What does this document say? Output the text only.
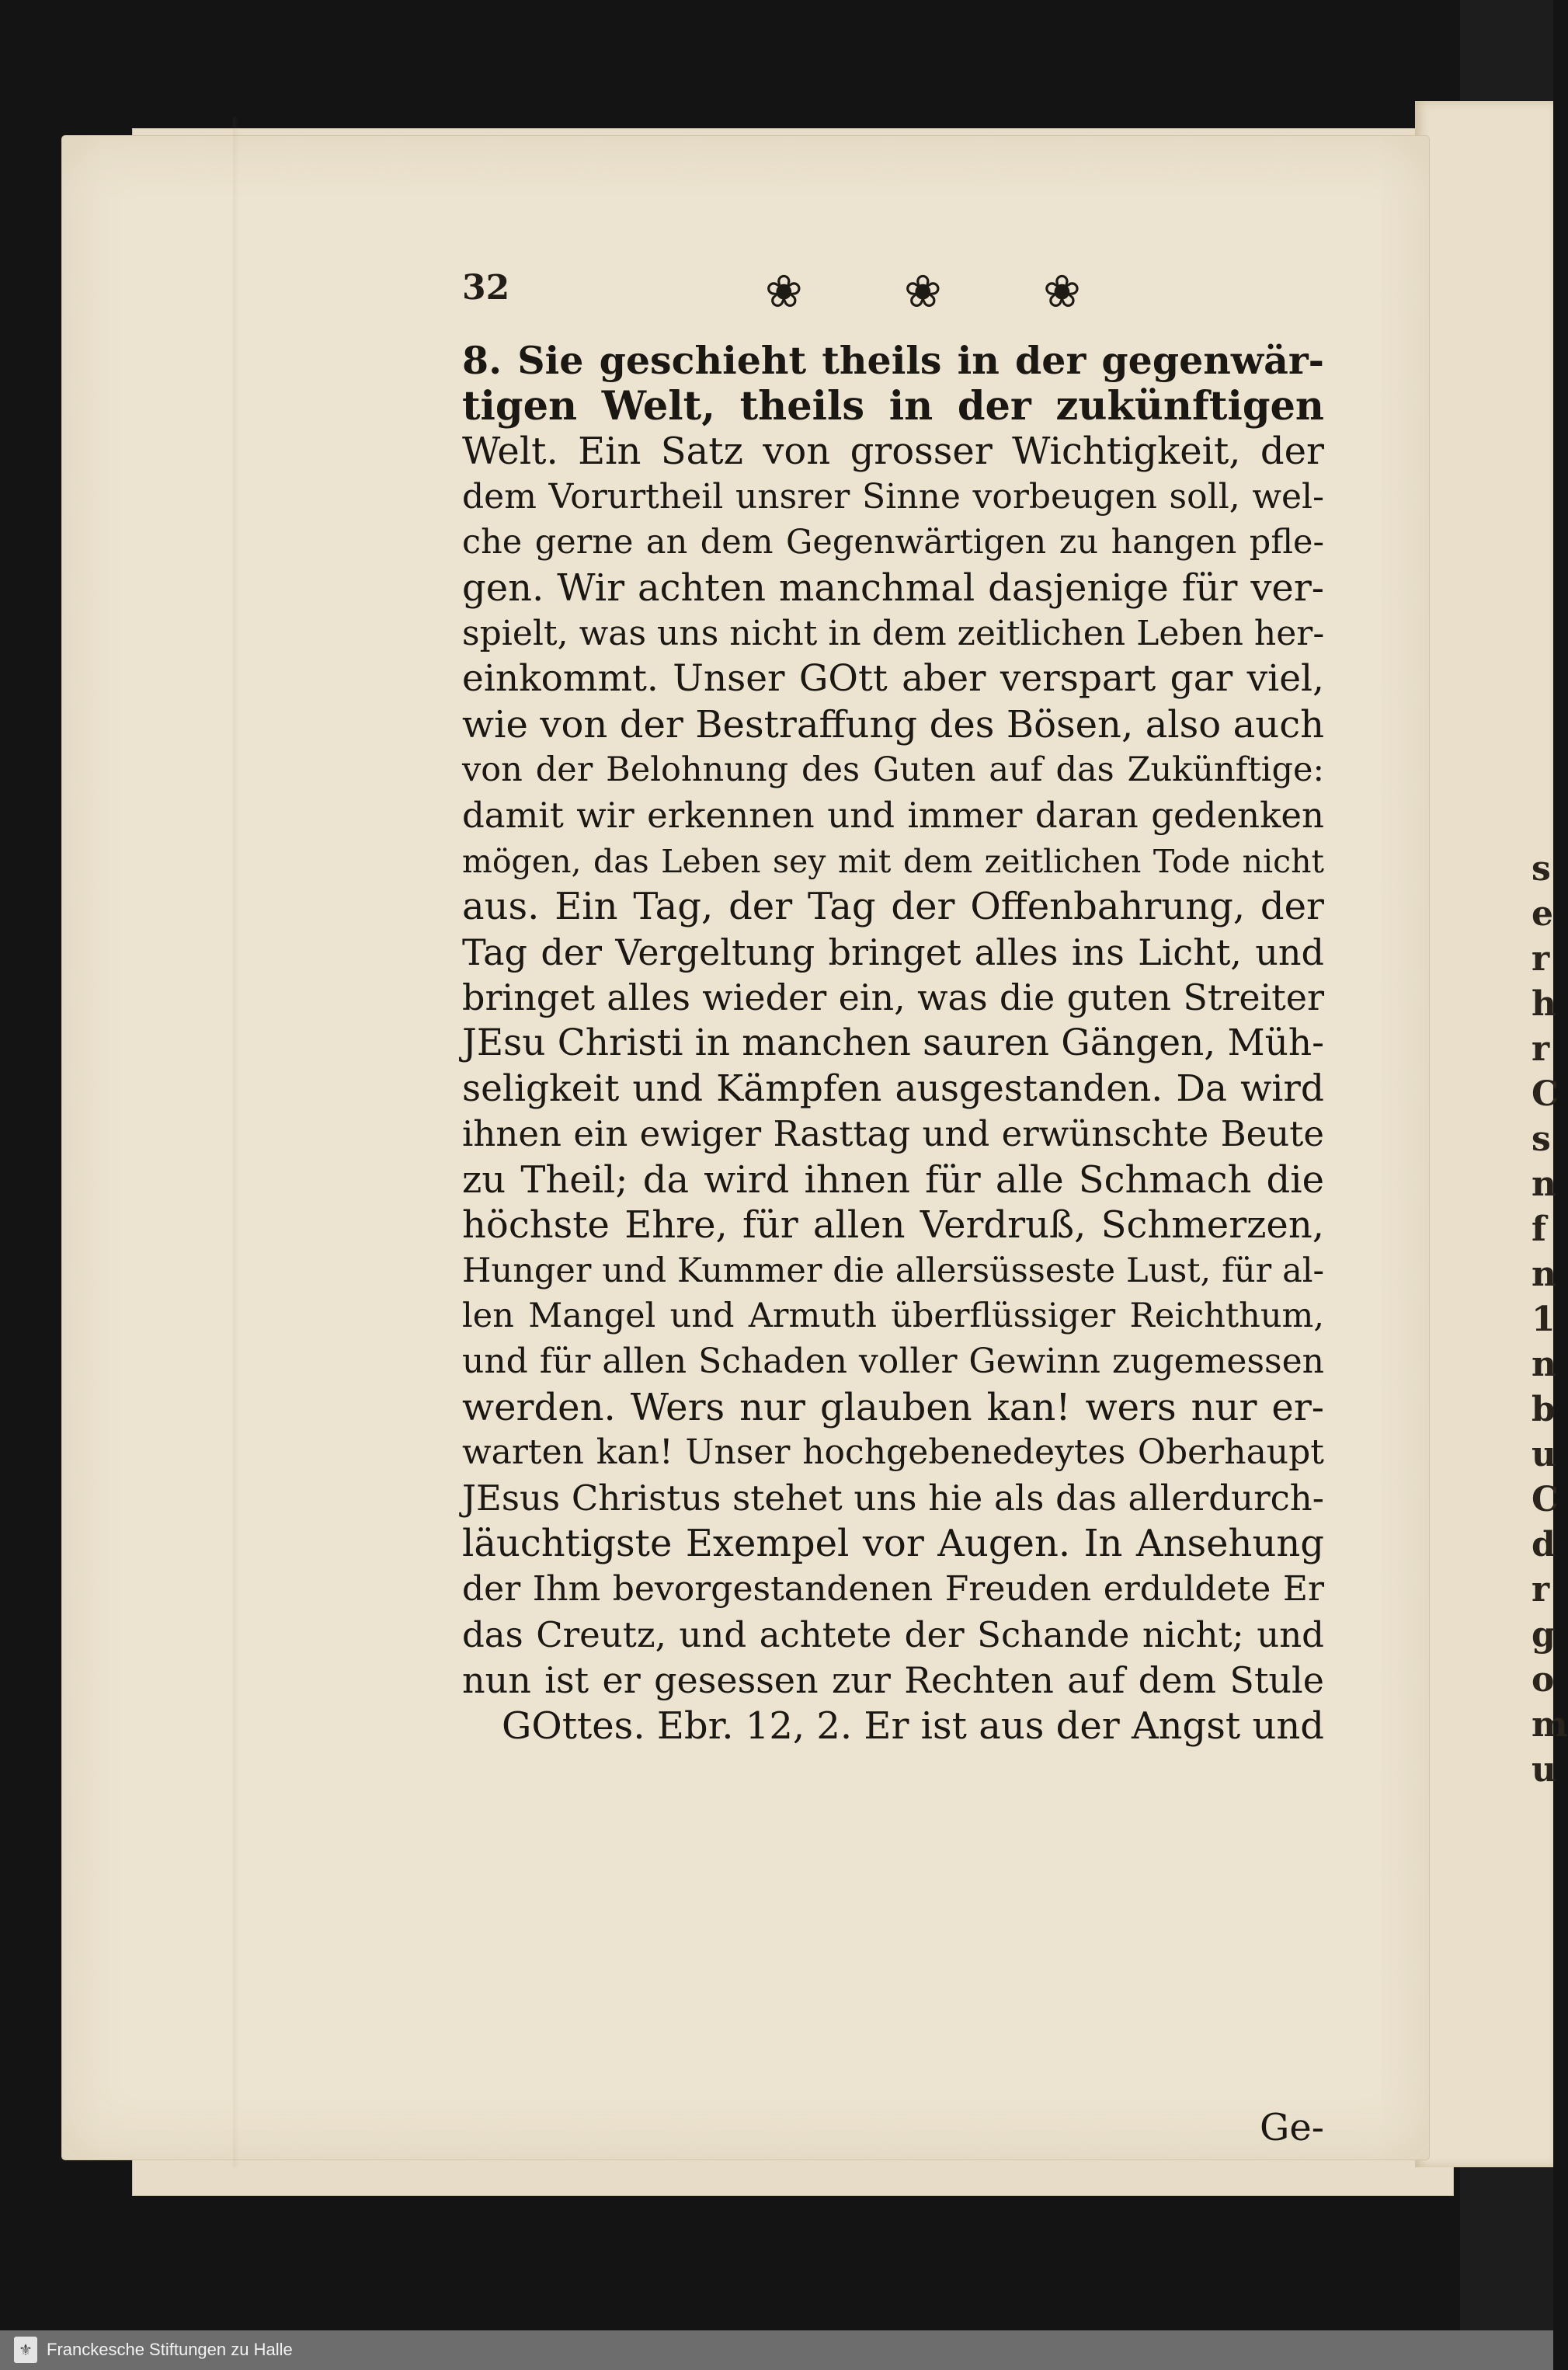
s
e
r
h
r
C
s
n
f
n
1
n
b
u
C
d
r
g
o
m
u
32	❀ ❀ ❀
8. Sie geschieht theils in der gegenwär-
tigen Welt, theils in der zukünftigen
Welt. Ein Satz von grosser Wichtigkeit, der
dem Vorurtheil unsrer Sinne vorbeugen soll, wel-
che gerne an dem Gegenwärtigen zu hangen pfle-
gen. Wir achten manchmal dasjenige für ver-
spielt, was uns nicht in dem zeitlichen Leben her-
einkommt. Unser GOtt aber verspart gar viel,
wie von der Bestraffung des Bösen, also auch
von der Belohnung des Guten auf das Zukünftige:
damit wir erkennen und immer daran gedenken
mögen, das Leben sey mit dem zeitlichen Tode nicht
aus. Ein Tag, der Tag der Offenbahrung, der
Tag der Vergeltung bringet alles ins Licht, und
bringet alles wieder ein, was die guten Streiter
JEsu Christi in manchen sauren Gängen, Müh-
seligkeit und Kämpfen ausgestanden. Da wird
ihnen ein ewiger Rasttag und erwünschte Beute
zu Theil; da wird ihnen für alle Schmach die
höchste Ehre, für allen Verdruß, Schmerzen,
Hunger und Kummer die allersüsseste Lust, für al-
len Mangel und Armuth überflüssiger Reichthum,
und für allen Schaden voller Gewinn zugemessen
werden. Wers nur glauben kan! wers nur er-
warten kan! Unser hochgebenedeytes Oberhaupt
JEsus Christus stehet uns hie als das allerdurch-
läuchtigste Exempel vor Augen. In Ansehung
der Ihm bevorgestandenen Freuden erduldete Er
das Creutz, und achtete der Schande nicht; und
nun ist er gesessen zur Rechten auf dem Stule
GOttes. Ebr. 12, 2. Er ist aus der Angst und
Ge-
⚜ Franckesche Stiftungen zu Halle
